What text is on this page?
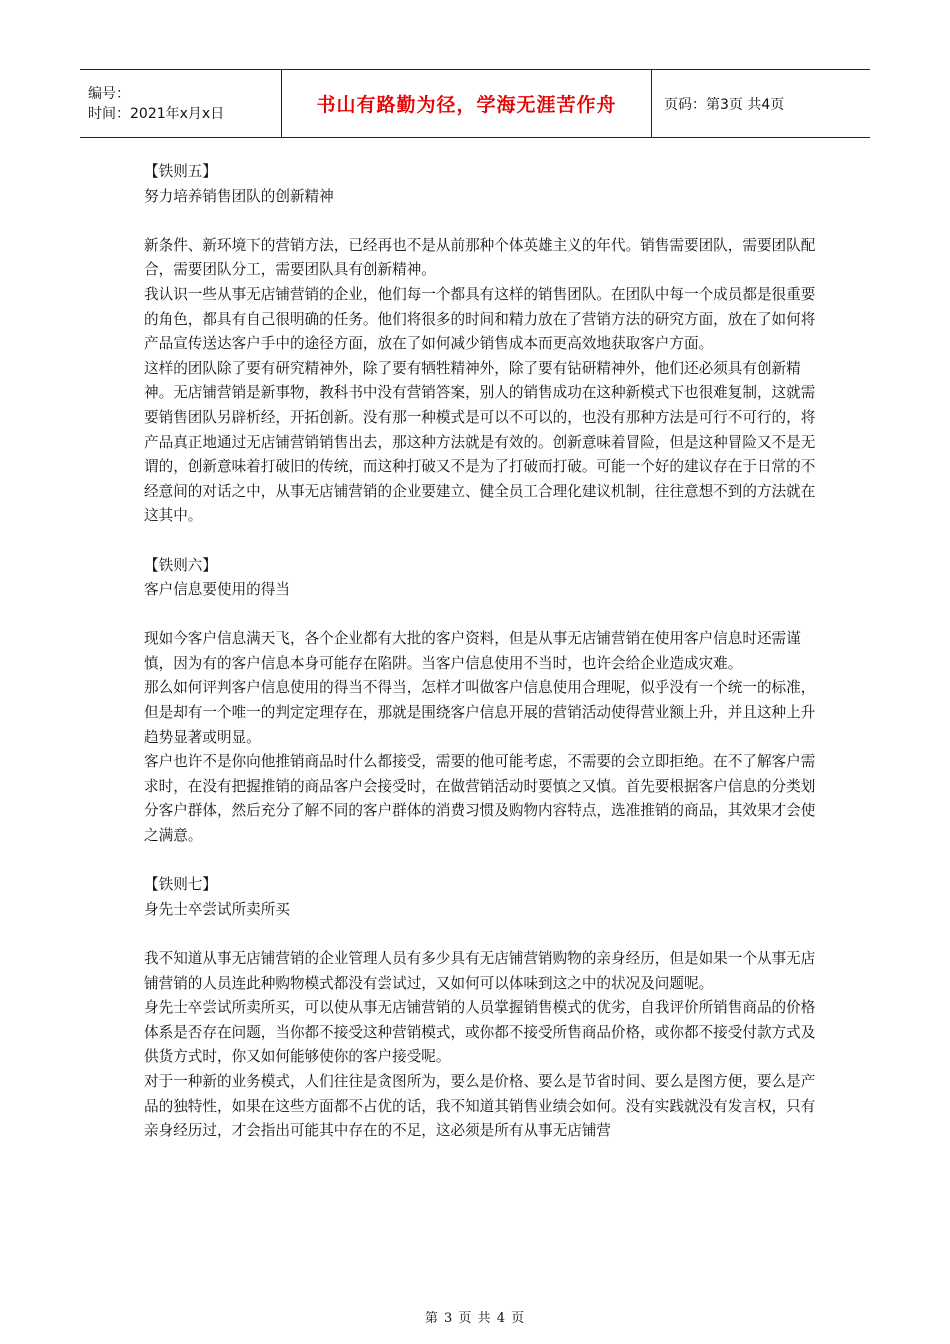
编号：
时间：2021年x月x日	书山有路勤为径，学海无涯苦作舟	页码：第3页 共4页

【铁则五】

努力培养销售团队的创新精神

新条件、新环境下的营销方法，已经再也不是从前那种个体英雄主义的年代。销售需要团队，需要团队配合，需要团队分工，需要团队具有创新精神。

我认识一些从事无店铺营销的企业，他们每一个都具有这样的销售团队。在团队中每一个成员都是很重要的角色，都具有自己很明确的任务。他们将很多的时间和精力放在了营销方法的研究方面，放在了如何将产品宣传送达客户手中的途径方面，放在了如何减少销售成本而更高效地获取客户方面。

这样的团队除了要有研究精神外，除了要有牺牲精神外，除了要有钻研精神外，他们还必须具有创新精神。无店铺营销是新事物，教科书中没有营销答案，别人的销售成功在这种新模式下也很难复制，这就需要销售团队另辟析经，开拓创新。没有那一种模式是可以不可以的，也没有那种方法是可行不可行的，将产品真正地通过无店铺营销销售出去，那这种方法就是有效的。创新意味着冒险，但是这种冒险又不是无谓的，创新意味着打破旧的传统，而这种打破又不是为了打破而打破。可能一个好的建议存在于日常的不经意间的对话之中，从事无店铺营销的企业要建立、健全员工合理化建议机制，往往意想不到的方法就在这其中。

【铁则六】

客户信息要使用的得当

现如今客户信息满天飞，各个企业都有大批的客户资料，但是从事无店铺营销在使用客户信息时还需谨慎，因为有的客户信息本身可能存在陷阱。当客户信息使用不当时，也许会给企业造成灾难。

那么如何评判客户信息使用的得当不得当，怎样才叫做客户信息使用合理呢，似乎没有一个统一的标准，但是却有一个唯一的判定定理存在，那就是围绕客户信息开展的营销活动使得营业额上升，并且这种上升趋势显著或明显。

客户也许不是你向他推销商品时什么都接受，需要的他可能考虑，不需要的会立即拒绝。在不了解客户需求时，在没有把握推销的商品客户会接受时，在做营销活动时要慎之又慎。首先要根据客户信息的分类划分客户群体，然后充分了解不同的客户群体的消费习惯及购物内容特点，选准推销的商品，其效果才会使之满意。

【铁则七】

身先士卒尝试所卖所买

我不知道从事无店铺营销的企业管理人员有多少具有无店铺营销购物的亲身经历，但是如果一个从事无店铺营销的人员连此种购物模式都没有尝试过，又如何可以体味到这之中的状况及问题呢。

身先士卒尝试所卖所买，可以使从事无店铺营销的人员掌握销售模式的优劣，自我评价所销售商品的价格体系是否存在问题，当你都不接受这种营销模式，或你都不接受所售商品价格，或你都不接受付款方式及供货方式时，你又如何能够使你的客户接受呢。

对于一种新的业务模式，人们往往是贪图所为，要么是价格、要么是节省时间、要么是图方便，要么是产品的独特性，如果在这些方面都不占优的话，我不知道其销售业绩会如何。没有实践就没有发言权，只有亲身经历过，才会指出可能其中存在的不足，这必须是所有从事无店铺营

第 3 页 共 4 页
